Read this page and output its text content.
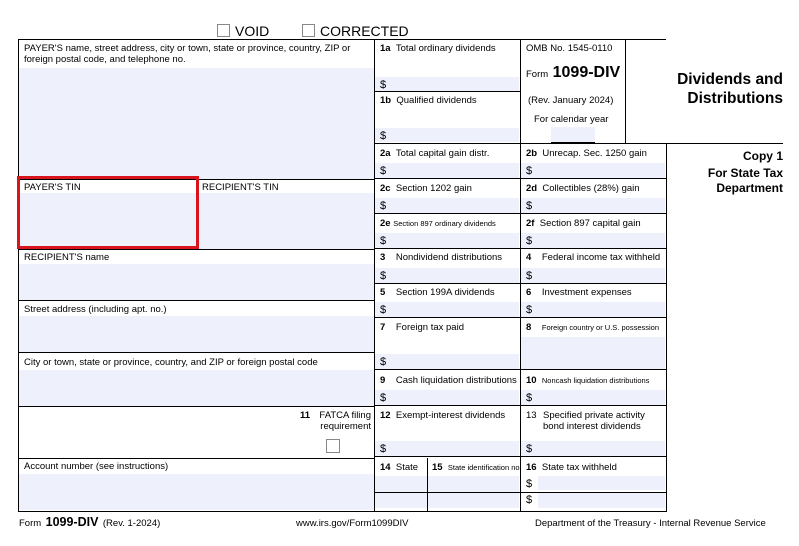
VOID	CORRECTED
PAYER'S name, street address, city or town, state or province, country, ZIP or foreign postal code, and telephone no.
PAYER'S TIN	RECIPIENT'S TIN
RECIPIENT'S name
Street address (including apt. no.)
City or town, state or province, country, and ZIP or foreign postal code
Account number (see instructions)
11 FATCA filing requirement
1a Total ordinary dividends
$
1b Qualified dividends
$
2a Total capital gain distr.
$
2c Section 1202 gain
$
2e Section 897 ordinary dividends
$
3 Nondividend distributions
$
5 Section 199A dividends
$
7 Foreign tax paid
$
9 Cash liquidation distributions
$
12 Exempt-interest dividends
$
14 State 15 State identification no.
OMB No. 1545-0110
Form 1099-DIV
(Rev. January 2024)
For calendar year
2b Unrecap. Sec. 1250 gain
$
2d Collectibles (28%) gain
$
2f Section 897 capital gain
$
4 Federal income tax withheld
$
6 Investment expenses
$
8 Foreign country or U.S. possession
10 Noncash liquidation distributions
$
13 Specified private activity bond interest dividends
$
16 State tax withheld
$
$
Dividends and
Distributions
Copy 1
For State Tax
Department
Form 1099-DIV (Rev. 1-2024)	www.irs.gov/Form1099DIV	Department of the Treasury - Internal Revenue Service
